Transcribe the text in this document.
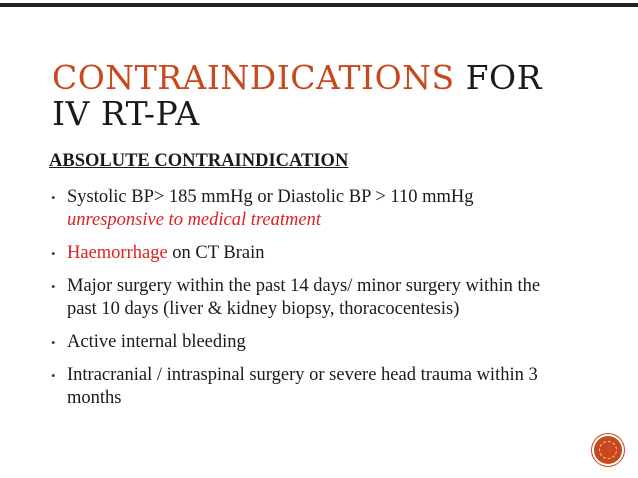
CONTRAINDICATIONS FOR
IV RT-PA
ABSOLUTE CONTRAINDICATION
• Systolic BP> 185 mmHg or Diastolic BP > 110 mmHg unresponsive to medical treatment
• Haemorrhage on CT Brain
• Major surgery within the past 14 days/ minor surgery within the past 10 days (liver & kidney biopsy, thoracocentesis)
• Active internal bleeding
• Intracranial / intraspinal surgery or severe head trauma within 3 months
